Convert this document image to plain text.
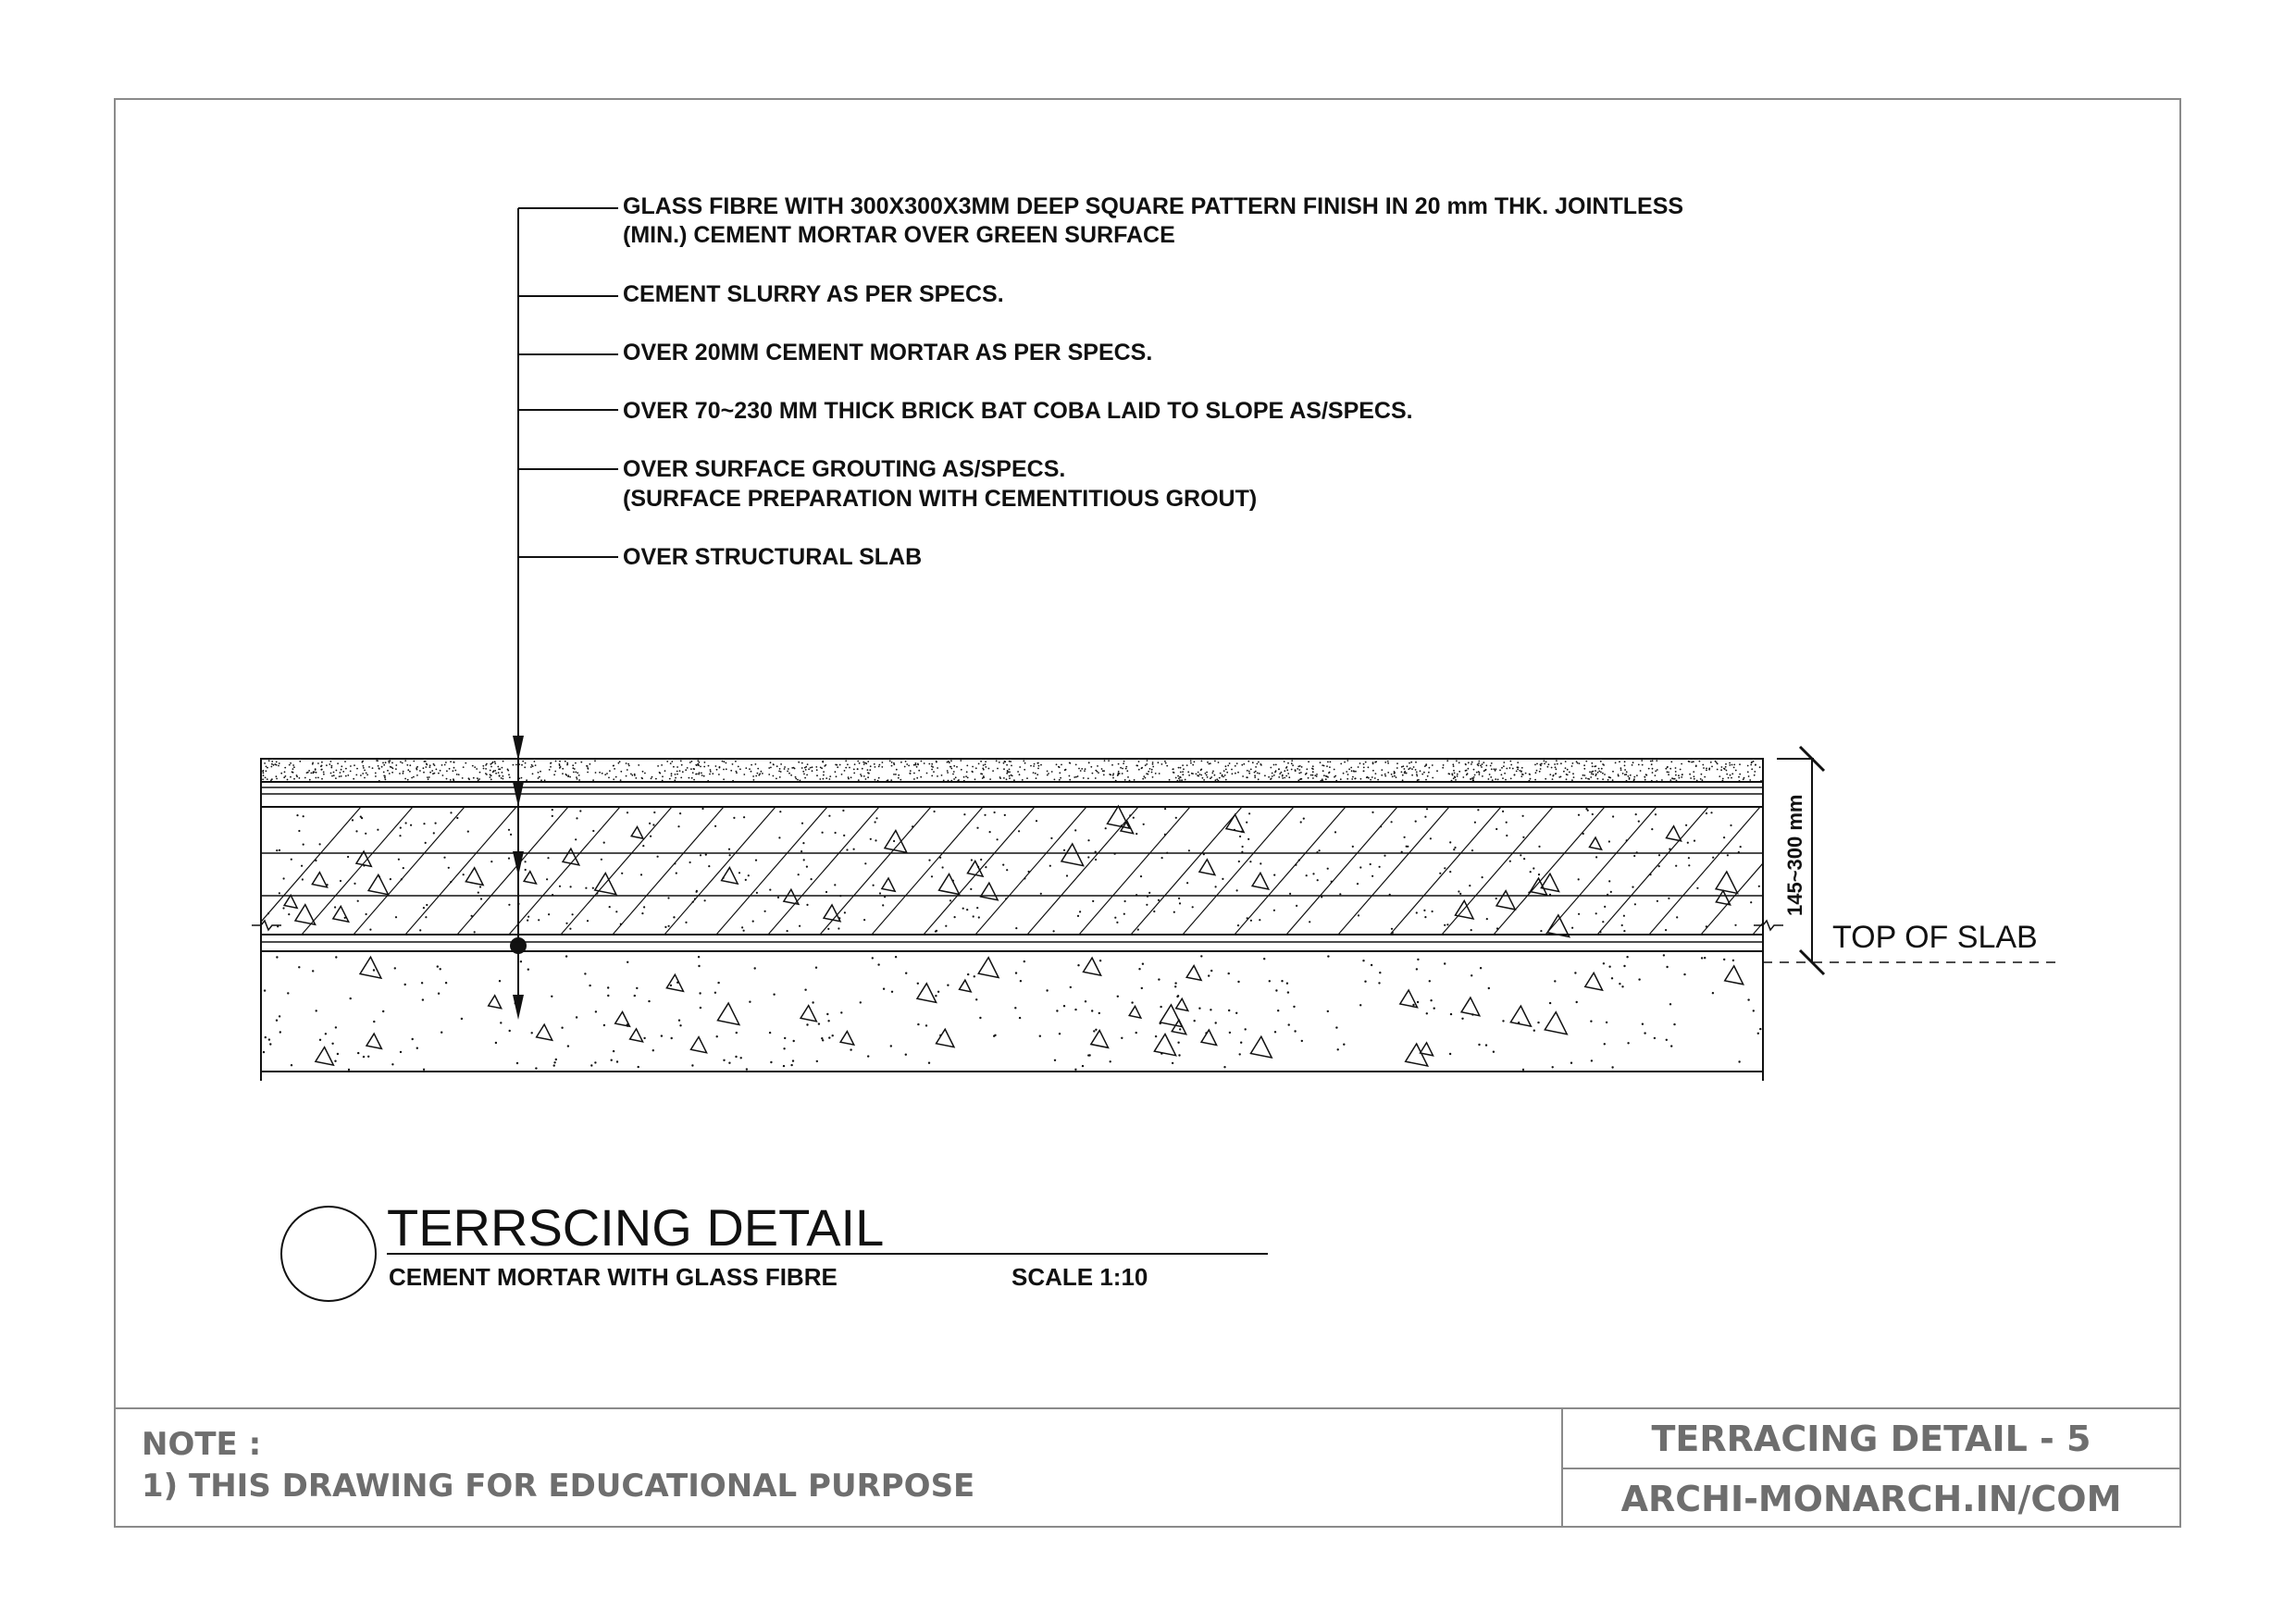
GLASS FIBRE WITH 300X300X3MM DEEP SQUARE PATTERN FINISH IN 20 mm THK. JOINTLESS
(MIN.) CEMENT MORTAR OVER GREEN SURFACE
CEMENT SLURRY AS PER SPECS.
OVER 20MM CEMENT MORTAR AS PER SPECS.
OVER 70~230 MM THICK BRICK BAT COBA LAID TO SLOPE AS/SPECS.
OVER SURFACE GROUTING AS/SPECS.
(SURFACE PREPARATION WITH CEMENTITIOUS GROUT)
OVER STRUCTURAL SLAB
145~300 mm
TOP OF SLAB
TERRSCING DETAIL
CEMENT MORTAR WITH GLASS FIBRE	SCALE 1:10
NOTE :
1) THIS DRAWING FOR EDUCATIONAL PURPOSE
TERRACING DETAIL - 5
ARCHI-MONARCH.IN/COM
